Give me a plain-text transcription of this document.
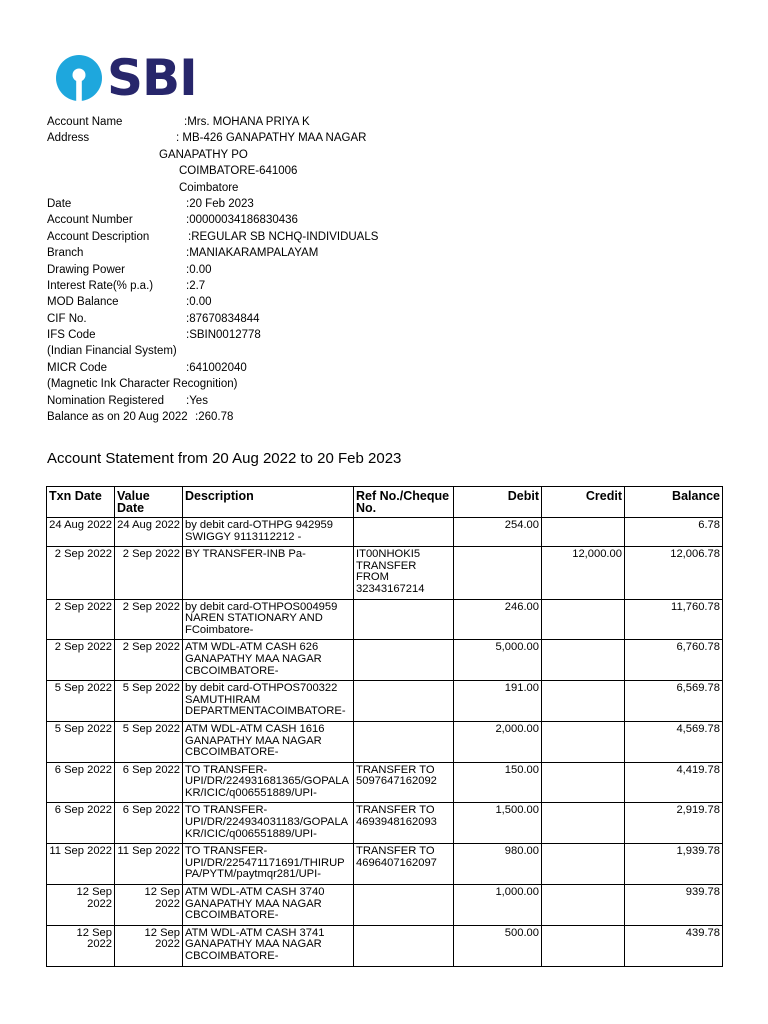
SBI
Account Name	:Mrs. MOHANA PRIYA K
Address	: MB-426 GANAPATHY MAA NAGAR
GANAPATHY PO
COIMBATORE-641006
Coimbatore
Date	:20 Feb 2023
Account Number	:00000034186830436
Account Description	:REGULAR SB NCHQ-INDIVIDUALS
Branch	:MANIAKARAMPALAYAM
Drawing Power	:0.00
Interest Rate(% p.a.)	:2.7
MOD Balance	:0.00
CIF No.	:87670834844
IFS Code	:SBIN0012778
(Indian Financial System)
MICR Code	:641002040
(Magnetic Ink Character Recognition)
Nomination Registered :Yes
Balance as on 20 Aug 2022 :260.78
Account Statement from 20 Aug 2022 to 20 Feb 2023
Txn Date	Value Date	Description	Ref No./Cheque No.	Debit	Credit	Balance
24 Aug 2022	24 Aug 2022	by debit card-OTHPG 942959 SWIGGY 9113112212 -		254.00		6.78
2 Sep 2022	2 Sep 2022	BY TRANSFER-INB Pa-	IT00NHOKI5 TRANSFER FROM 32343167214		12,000.00	12,006.78
2 Sep 2022	2 Sep 2022	by debit card-OTHPOS004959 NAREN STATIONARY AND FCoimbatore-		246.00		11,760.78
2 Sep 2022	2 Sep 2022	ATM WDL-ATM CASH 626 GANAPATHY MAA NAGAR CBCOIMBATORE-		5,000.00		6,760.78
5 Sep 2022	5 Sep 2022	by debit card-OTHPOS700322 SAMUTHIRAM DEPARTMENTACOIMBATORE-		191.00		6,569.78
5 Sep 2022	5 Sep 2022	ATM WDL-ATM CASH 1616 GANAPATHY MAA NAGAR CBCOIMBATORE-		2,000.00		4,569.78
6 Sep 2022	6 Sep 2022	TO TRANSFER-UPI/DR/224931681365/GOPALAKR/ICIC/q006551889/UPI-	TRANSFER TO 5097647162092	150.00		4,419.78
6 Sep 2022	6 Sep 2022	TO TRANSFER-UPI/DR/224934031183/GOPALAKR/ICIC/q006551889/UPI-	TRANSFER TO 4693948162093	1,500.00		2,919.78
11 Sep 2022	11 Sep 2022	TO TRANSFER-UPI/DR/225471171691/THIRUPPA/PYTM/paytmqr281/UPI-	TRANSFER TO 4696407162097	980.00		1,939.78
12 Sep 2022	12 Sep 2022	ATM WDL-ATM CASH 3740 GANAPATHY MAA NAGAR CBCOIMBATORE-		1,000.00		939.78
12 Sep 2022	12 Sep 2022	ATM WDL-ATM CASH 3741 GANAPATHY MAA NAGAR CBCOIMBATORE-		500.00		439.78
